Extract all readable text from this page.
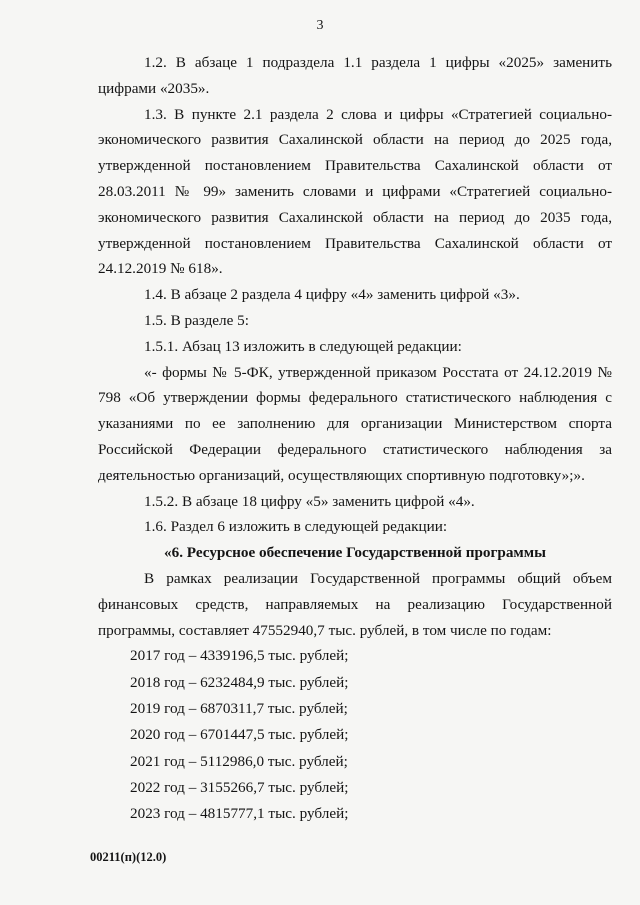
3

1.2. В абзаце 1 подраздела 1.1 раздела 1 цифры «2025» заменить цифрами «2035».

1.3. В пункте 2.1 раздела 2 слова и цифры «Стратегией социально-экономического развития Сахалинской области на период до 2025 года, утвержденной постановлением Правительства Сахалинской области от 28.03.2011 № 99» заменить словами и цифрами «Стратегией социально-экономического развития Сахалинской области на период до 2035 года, утвержденной постановлением Правительства Сахалинской области от 24.12.2019 № 618».

1.4. В абзаце 2 раздела 4 цифру «4» заменить цифрой «3».

1.5. В разделе 5:

1.5.1. Абзац 13 изложить в следующей редакции:

«- формы № 5-ФК, утвержденной приказом Росстата от 24.12.2019 № 798 «Об утверждении формы федерального статистического наблюдения с указаниями по ее заполнению для организации Министерством спорта Российской Федерации федерального статистического наблюдения за деятельностью организаций, осуществляющих спортивную подготовку»;».

1.5.2. В абзаце 18 цифру «5» заменить цифрой «4».

1.6. Раздел 6 изложить в следующей редакции:

«6. Ресурсное обеспечение Государственной программы

В рамках реализации Государственной программы общий объем финансовых средств, направляемых на реализацию Государственной программы, составляет 47552940,7 тыс. рублей, в том числе по годам:

2017 год – 4339196,5 тыс. рублей;

2018 год – 6232484,9 тыс. рублей;

2019 год – 6870311,7 тыс. рублей;

2020 год – 6701447,5 тыс. рублей;

2021 год – 5112986,0 тыс. рублей;

2022 год – 3155266,7 тыс. рублей;

2023 год – 4815777,1 тыс. рублей;

00211(п)(12.0)
